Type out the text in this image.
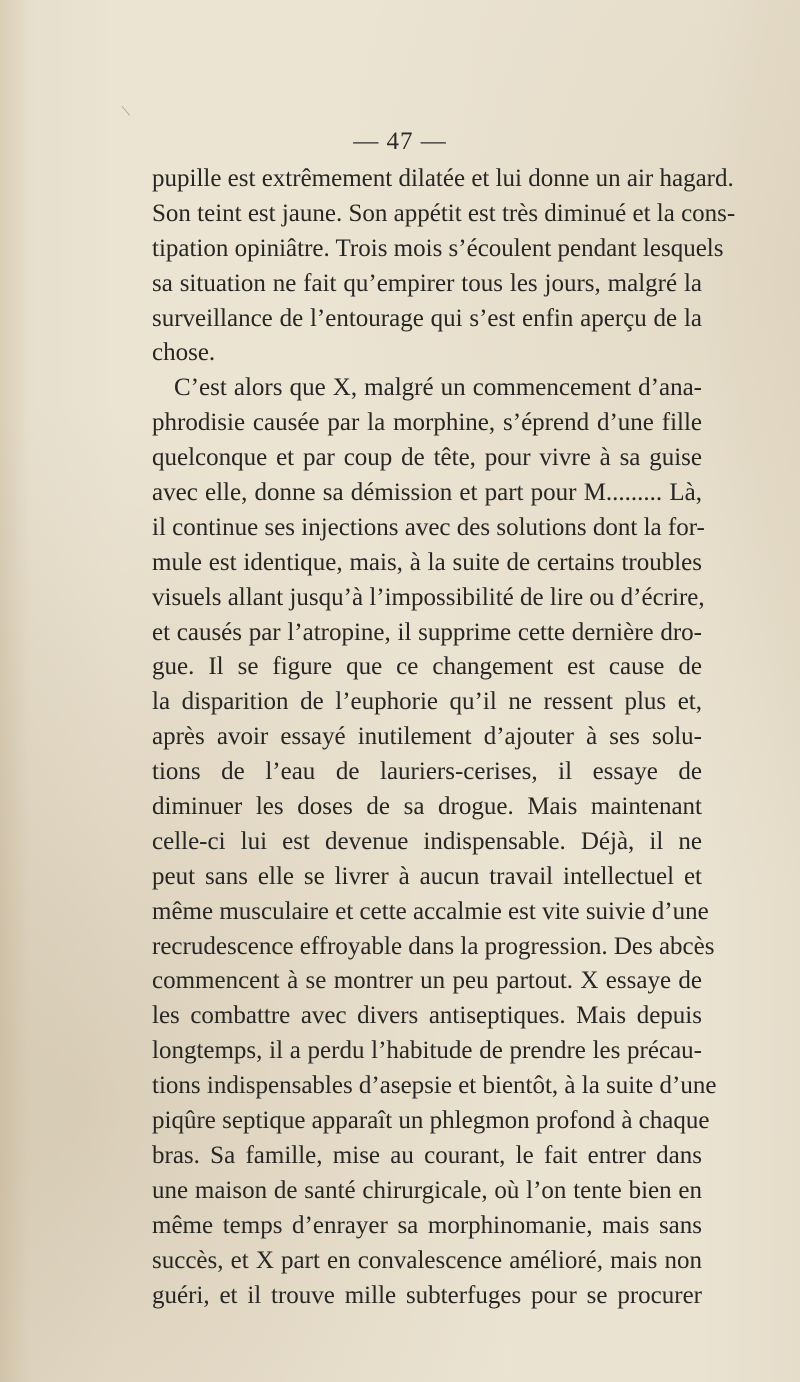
— 47 —
pupille est extrêmement dilatée et lui donne un air hagard.
Son teint est jaune. Son appétit est très diminué et la cons-
tipation opiniâtre. Trois mois s’écoulent pendant lesquels
sa situation ne fait qu’empirer tous les jours, malgré la
surveillance de l’entourage qui s’est enfin aperçu de la
chose.
C’est alors que X, malgré un commencement d’ana-
phrodisie causée par la morphine, s’éprend d’une fille
quelconque et par coup de tête, pour vivre à sa guise
avec elle, donne sa démission et part pour M......... Là,
il continue ses injections avec des solutions dont la for-
mule est identique, mais, à la suite de certains troubles
visuels allant jusqu’à l’impossibilité de lire ou d’écrire,
et causés par l’atropine, il supprime cette dernière dro-
gue. Il se figure que ce changement est cause de
la disparition de l’euphorie qu’il ne ressent plus et,
après avoir essayé inutilement d’ajouter à ses solu-
tions de l’eau de lauriers-cerises, il essaye de
diminuer les doses de sa drogue. Mais maintenant
celle-ci lui est devenue indispensable. Déjà, il ne
peut sans elle se livrer à aucun travail intellectuel et
même musculaire et cette accalmie est vite suivie d’une
recrudescence effroyable dans la progression. Des abcès
commencent à se montrer un peu partout. X essaye de
les combattre avec divers antiseptiques. Mais depuis
longtemps, il a perdu l’habitude de prendre les précau-
tions indispensables d’asepsie et bientôt, à la suite d’une
piqûre septique apparaît un phlegmon profond à chaque
bras. Sa famille, mise au courant, le fait entrer dans
une maison de santé chirurgicale, où l’on tente bien en
même temps d’enrayer sa morphinomanie, mais sans
succès, et X part en convalescence amélioré, mais non
guéri, et il trouve mille subterfuges pour se procurer
